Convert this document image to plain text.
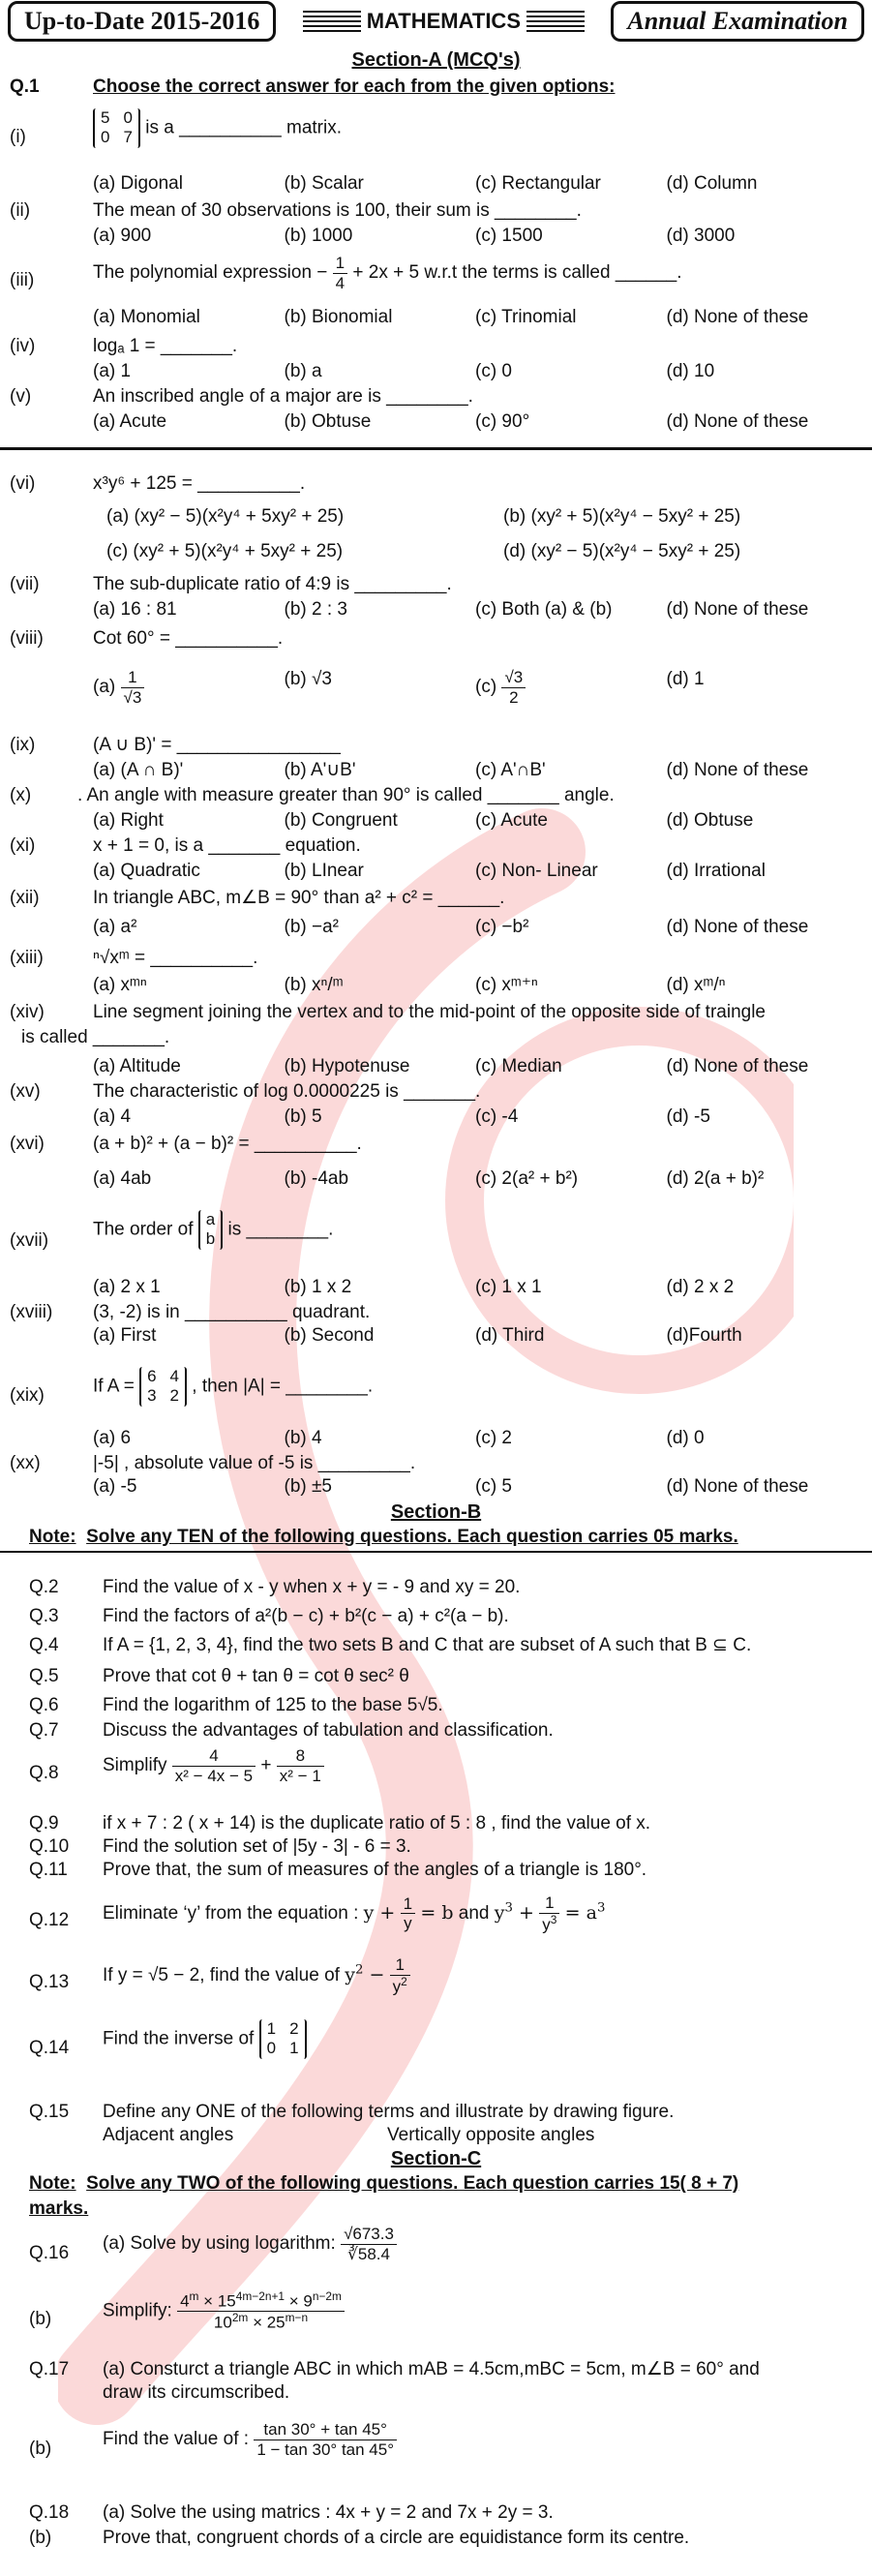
Up-to-Date 2015-2016	MATHEMATICS	Annual Examination
Section-A (MCQ's)
Q.1	Choose the correct answer for each from the given options:
(i)
5 0
0 7 is a __________ matrix.
(a) Digonal	(b) Scalar	(c) Rectangular	(d) Column
(ii)	The mean of 30 observations is 100, their sum is ________.
(a) 900	(b) 1000	(c) 1500	(d) 3000
(iii)	The polynomial expression − $\frac{1}{4} + 2x + 5$ w.r.t the terms is called ______.
(a) Monomial	(b) Bionomial	(c) Trinomial	(d) None of these
(iv)	logₐ 1 = _______.
(a) 1	(b) a	(c) 0	(d) 10
(v)	An inscribed angle of a major are is ________.
(a) Acute	(b) Obtuse	(c) 90°	(d) None of these
(vi)	x³y⁶ + 125 = __________.
(a) (xy² − 5)(x²y⁴ + 5xy² + 25)	(b) (xy² + 5)(x²y⁴ − 5xy² + 25)
(c) (xy² + 5)(x²y⁴ + 5xy² + 25)	(d) (xy² − 5)(x²y⁴ − 5xy² + 25)
(vii)	The sub-duplicate ratio of 4:9 is _________.
(a) 16 : 81	(b) 2 : 3	(c) Both (a) & (b)	(d) None of these
(viii)	Cot 60° = __________.
$(a) \frac{1}{√3}$	(b) √3	$(c) \frac{√3}{2}$	(d) 1
(ix)	(A ∪ B)' = ________________
(a) (A ∩ B)'	(b) A'∪B'	(c) A'∩B'	(d) None of these
(x)	. An angle with measure greater than 90° is called _______ angle.
(a) Right	(b) Congruent	(c) Acute	(d) Obtuse
(xi)	x + 1 = 0, is a _______ equation.
(a) Quadratic	(b) LInear	(c) Non- Linear	(d) Irrational
(xii)	In triangle ABC, m∠B = 90° than a² + c² = ______.
(a) a²	(b) −a²	(c) −b²	(d) None of these
(xiii)	ⁿ√xᵐ = __________.
(a) xᵐⁿ	(b) xⁿ/ᵐ	(c) xᵐ⁺ⁿ	(d) xᵐ/ⁿ
(xiv)	Line segment joining the vertex and to the mid-point of the opposite side of traingle
is called _______.
(a) Altitude	(b) Hypotenuse	(c) Median	(d) None of these
(xv)	The characteristic of log 0.0000225 is _______.
(a) 4	(b) 5	(c) -4	(d) -5
(xvi)	(a + b)² + (a − b)² = __________.
(a) 4ab	(b) -4ab	(c) 2(a² + b²)	(d) 2(a + b)²
(xvii)
The order of a
b is ________.
(a) 2 x 1	(b) 1 x 2	(c) 1 x 1	(d) 2 x 2
(xviii) (3, -2) is in __________ quadrant.
(a) First	(b) Second	(d) Third	(d)Fourth
(xix)	If A = 6 4
3 2 , then |A| = ________.
(a) 6	(b) 4	(c) 2	(d) 0
(xx)	|-5| , absolute value of -5 is _________.
(a) -5	(b) ±5	(c) 5	(d) None of these
Section-B
Note: Solve any TEN of the following questions. Each question carries 05 marks.
Q.2 Find the value of x - y when x + y = - 9 and xy = 20.
Q.3 Find the factors of a²(b − c) + b²(c − a) + c²(a − b).
Q.4 If A = {1, 2, 3, 4}, find the two sets B and C that are subset of A such that B ⊆ C.
Q.5 Prove that cot θ + tan θ = cot θ sec² θ
Q.6 Find the logarithm of 125 to the base 5√5.
Q.7 Discuss the advantages of tabulation and classification.
Q.8 Simplify $\frac{4}{\text{x² − 4x − 5}} + \frac{8}{\text{x² − 1}}$
Q.9 if x + 7 : 2 ( x + 14) is the duplicate ratio of 5 : 8 , find the value of x.
Q.10 Find the solution set of |5y - 3| - 6 = 3.
Q.11 Prove that, the sum of measures of the angles of a triangle is 180°.
Q.12 Eliminate ‘y’ from the equation : $y + \frac{1}{y} = b$ and $y^3 + \frac{1}{y^3} = a^3$
Q.13 If y = √5 − 2, find the value of $y^2 - \frac{1}{y^2}$
Q.14 Find the inverse of 1 2
0 1
Q.15 Define any ONE of the following terms and illustrate by drawing figure.
Adjacent angles	Vertically opposite angles
Section-C
Note: Solve any TWO of the following questions. Each question carries 15( 8 + 7)
marks.
Q.16 (a) Solve by using logarithm: $\frac{√673.3}{∛58.4}$
(b)	Simplify: $\frac{4^m \times 15^{4m-2n+1} \times 9^{n-2m}}{10^{2m} \times 25^{m-n}}$
Q.17 (a) Consturct a triangle ABC in which mAB = 4.5cm,mBC = 5cm, m∠B = 60° and
draw its circumscribed.
(b)	Find the value of : $\frac{\tan 30^\circ + \tan 45^\circ}{1 - \tan 30^\circ \tan 45^\circ}$
Q.18 (a) Solve the using matrics : 4x + y = 2 and 7x + 2y = 3.
(b)	Prove that, congruent chords of a circle are equidistance form its centre.
